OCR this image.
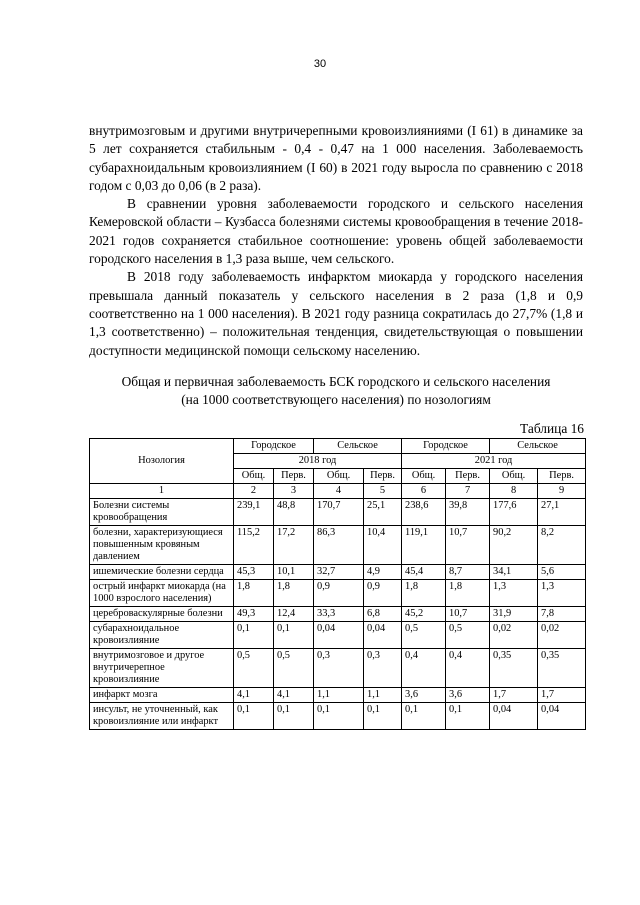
30

внутримозговым и другими внутричерепными кровоизлияниями (I 61) в динамике за 5 лет сохраняется стабильным - 0,4 - 0,47 на 1 000 населения. Заболеваемость субарахноидальным кровоизлиянием (I 60) в 2021 году выросла по сравнению с 2018 годом с 0,03 до 0,06 (в 2 раза).

В сравнении уровня заболеваемости городского и сельского населения Кемеровской области – Кузбасса болезнями системы кровообращения в течение 2018-2021 годов сохраняется стабильное соотношение: уровень общей заболеваемости городского населения в 1,3 раза выше, чем сельского.

В 2018 году заболеваемость инфарктом миокарда у городского населения превышала данный показатель у сельского населения в 2 раза (1,8 и 0,9 соответственно на 1 000 населения). В 2021 году разница сократилась до 27,7% (1,8 и 1,3 соответственно) – положительная тенденция, свидетельствующая о повышении доступности медицинской помощи сельскому населению.

Общая и первичная заболеваемость БСК городского и сельского населения
(на 1000 соответствующего населения) по нозологиям
Таблица 16
Нозология	Городское		Сельское		Городское		Сельское	
	2018 год				2021 год			
	Общ.	Перв.	Общ.	Перв.	Общ.	Перв.	Общ.	Перв.
1	2	3	4	5	6	7	8	9
Болезни системы кровообращения	239,1	48,8	170,7	25,1	238,6	39,8	177,6	27,1
болезни, характеризующиеся повышенным кровяным давлением	115,2	17,2	86,3	10,4	119,1	10,7	90,2	8,2
ишемические болезни сердца	45,3	10,1	32,7	4,9	45,4	8,7	34,1	5,6
острый инфаркт миокарда (на 1000 взрослого населения)	1,8	1,8	0,9	0,9	1,8	1,8	1,3	1,3
цереброваскулярные болезни	49,3	12,4	33,3	6,8	45,2	10,7	31,9	7,8
субарахноидальное кровоизлияние	0,1	0,1	0,04	0,04	0,5	0,5	0,02	0,02
внутримозговое и другое внутричерепное кровоизлияние	0,5	0,5	0,3	0,3	0,4	0,4	0,35	0,35
инфаркт мозга	4,1	4,1	1,1	1,1	3,6	3,6	1,7	1,7
инсульт, не уточненный, как кровоизлияние или инфаркт	0,1	0,1	0,1	0,1	0,1	0,1	0,04	0,04
